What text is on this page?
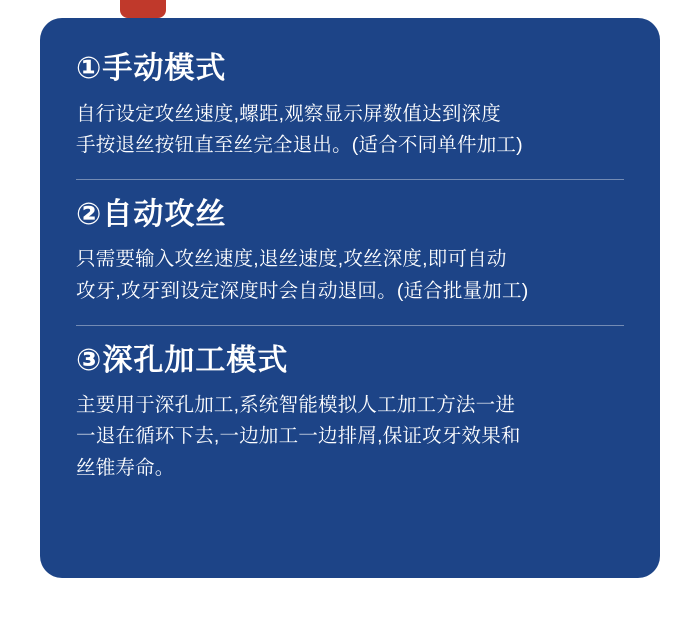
①手动模式

自行设定攻丝速度,螺距,观察显示屏数值达到深度
手按退丝按钮直至丝完全退出。(适合不同单件加工)

②自动攻丝

只需要输入攻丝速度,退丝速度,攻丝深度,即可自动
攻牙,攻牙到设定深度时会自动退回。(适合批量加工)

③深孔加工模式

主要用于深孔加工,系统智能模拟人工加工方法一进
一退在循环下去,一边加工一边排屑,保证攻牙效果和
丝锥寿命。
